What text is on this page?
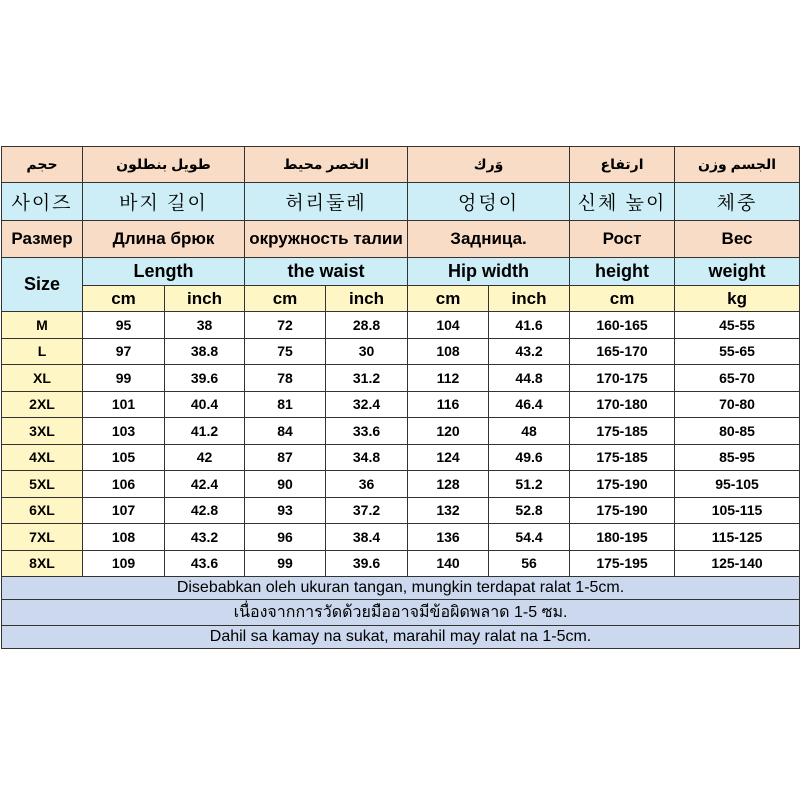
حجم	طويل بنطلون		الخصر محيط		وَرك		ارتفاع	الجسم وزن
사이즈	바지 길이		허리둘레		엉덩이		신체 높이	체중
Размер	Длина брюк		окружность талии		Задница.		Рост	Вес
Size	Length		the waist		Hip width		height	weight
	cm	inch	cm	inch	cm	inch	cm	kg
M	95	38	72	28.8	104	41.6	160-165	45-55
L	97	38.8	75	30	108	43.2	165-170	55-65
XL	99	39.6	78	31.2	112	44.8	170-175	65-70
2XL	101	40.4	81	32.4	116	46.4	170-180	70-80
3XL	103	41.2	84	33.6	120	48	175-185	80-85
4XL	105	42	87	34.8	124	49.6	175-185	85-95
5XL	106	42.4	90	36	128	51.2	175-190	95-105
6XL	107	42.8	93	37.2	132	52.8	175-190	105-115
7XL	108	43.2	96	38.4	136	54.4	180-195	115-125
8XL	109	43.6	99	39.6	140	56	175-195	125-140
Disebabkan oleh ukuran tangan, mungkin terdapat ralat 1-5cm.								
เนื่องจากการวัดด้วยมืออาจมีข้อผิดพลาด 1-5 ซม.								
Dahil sa kamay na sukat, marahil may ralat na 1-5cm.								
